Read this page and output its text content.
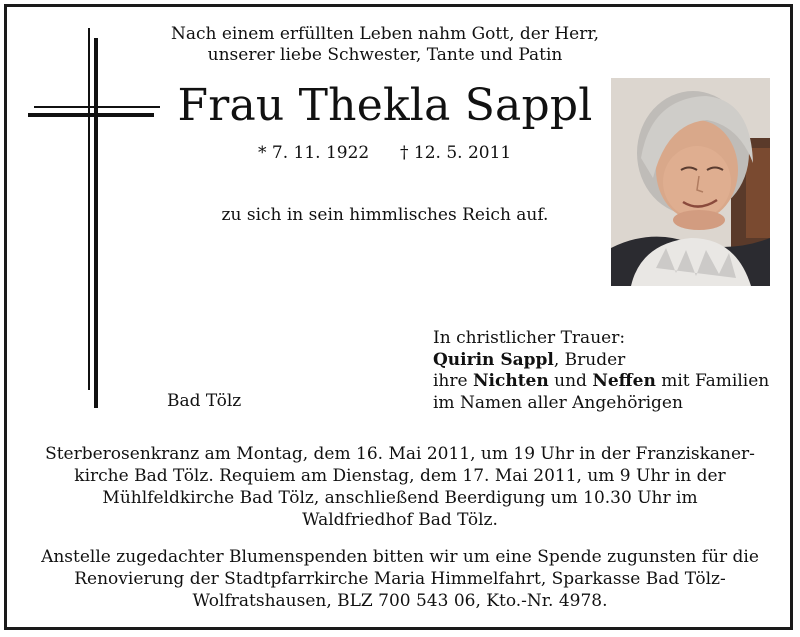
Nach einem erfüllten Leben nahm Gott, der Herr,
unserer liebe Schwester, Tante und Patin
Frau Thekla Sappl
* 7. 11. 1922 † 12. 5. 2011
zu sich in sein himmlisches Reich auf.
Bad Tölz
In christlicher Trauer:
Quirin Sappl, Bruder
ihre Nichten und Neffen mit Familien
im Namen aller Angehörigen
Sterberosenkranz am Montag, dem 16. Mai 2011, um 19 Uhr in der Franziskaner-
kirche Bad Tölz. Requiem am Dienstag, dem 17. Mai 2011, um 9 Uhr in der
Mühlfeldkirche Bad Tölz, anschließend Beerdigung um 10.30 Uhr im
Waldfriedhof Bad Tölz.
Anstelle zugedachter Blumenspenden bitten wir um eine Spende zugunsten für die
Renovierung der Stadtpfarrkirche Maria Himmelfahrt, Sparkasse Bad Tölz-
Wolfratshausen, BLZ 700 543 06, Kto.-Nr. 4978.
